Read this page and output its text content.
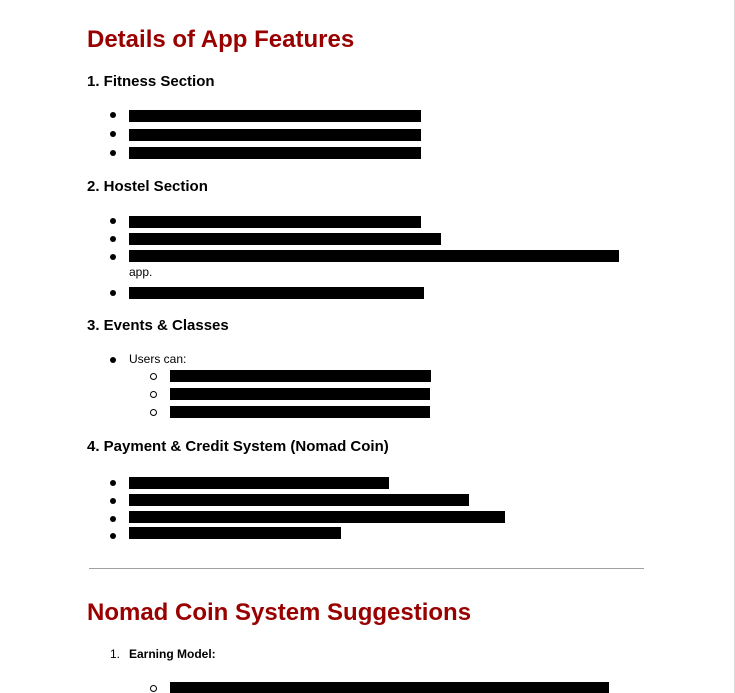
Details of App Features
1. Fitness Section
2. Hostel Section
app.
3. Events & Classes
Users can:
4. Payment & Credit System (Nomad Coin)
Nomad Coin System Suggestions
1. Earning Model:
